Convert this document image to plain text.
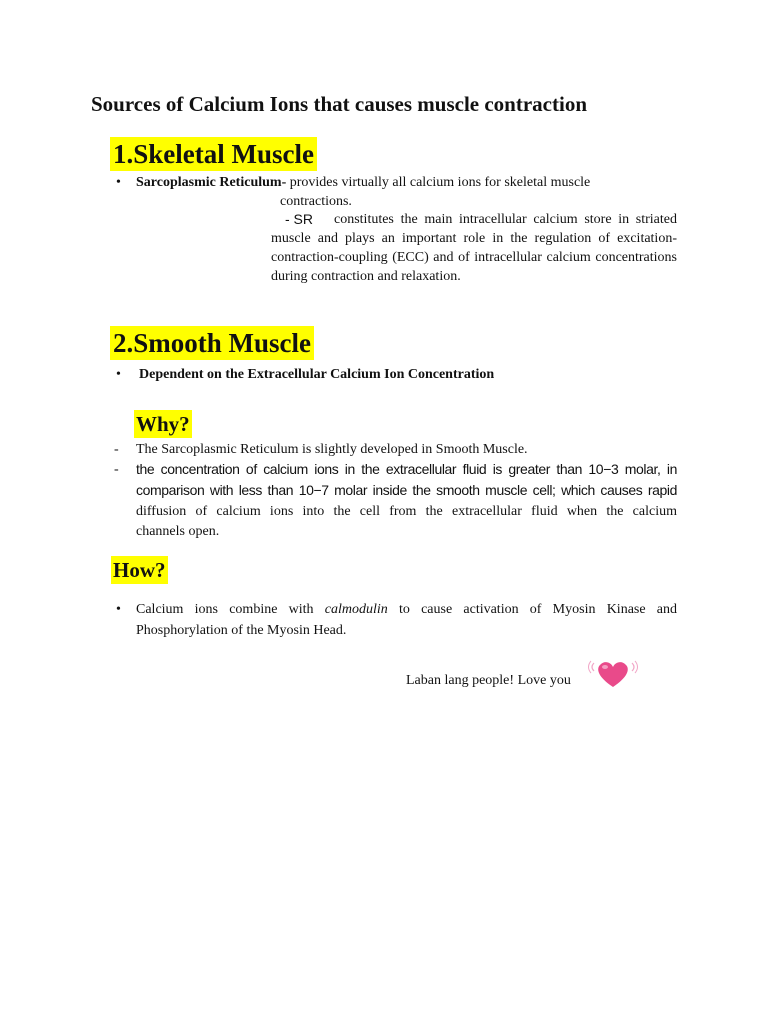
Sources of Calcium Ions that causes muscle contraction
1.Skeletal Muscle
• Sarcoplasmic Reticulum- provides virtually all calcium ions for skeletal muscle
contractions.
- SR constitutes the main intracellular calcium store in striated
muscle and plays an important role in the regulation of excitation-
contraction-coupling (ECC) and of intracellular calcium concentrations
during contraction and relaxation.
2.Smooth Muscle
• Dependent on the Extracellular Calcium Ion Concentration
Why?
- The Sarcoplasmic Reticulum is slightly developed in Smooth Muscle.
- the concentration of calcium ions in the extracellular fluid is greater than 10−3 molar, in
comparison with less than 10−7 molar inside the smooth muscle cell; which causes rapid
diffusion of calcium ions into the cell from the extracellular fluid when the calcium
channels open.
How?
• Calcium ions combine with calmodulin to cause activation of Myosin Kinase and
Phosphorylation of the Myosin Head.
Laban lang people! Love you
